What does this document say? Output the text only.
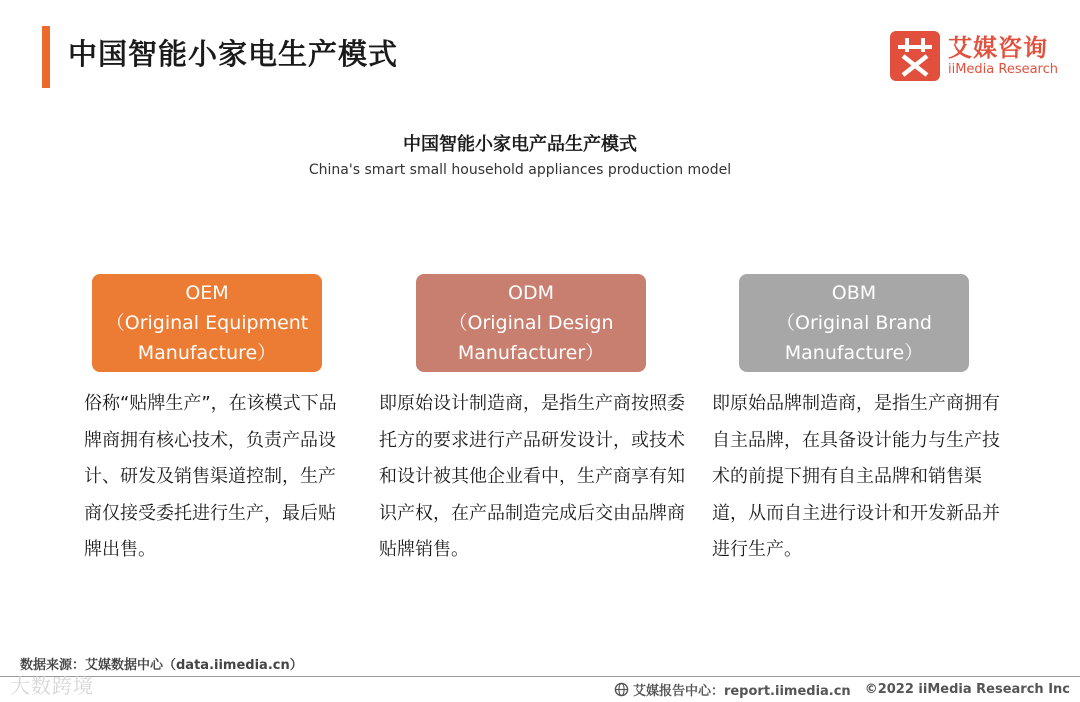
中国智能小家电生产模式	艾媒咨询
iiMedia Research
中国智能小家电产品生产模式
China's smart small household appliances production model
OEM
（Original Equipment
Manufacture）
ODM
（Original Design
Manufacturer）
OBM
（Original Brand
Manufacture）
俗称“贴牌生产”，在该模式下品牌商拥有核心技术，负责产品设计、研发及销售渠道控制，生产商仅接受委托进行生产，最后贴牌出售。
即原始设计制造商，是指生产商按照委托方的要求进行产品研发设计，或技术和设计被其他企业看中，生产商享有知识产权，在产品制造完成后交由品牌商贴牌销售。
即原始品牌制造商，是指生产商拥有自主品牌，在具备设计能力与生产技术的前提下拥有自主品牌和销售渠道，从而自主进行设计和开发新品并进行生产。
数据来源：艾媒数据中心（data.iimedia.cn）
大数跨境	艾媒报告中心：report.iimedia.cn ©2022 iiMedia Research Inc
